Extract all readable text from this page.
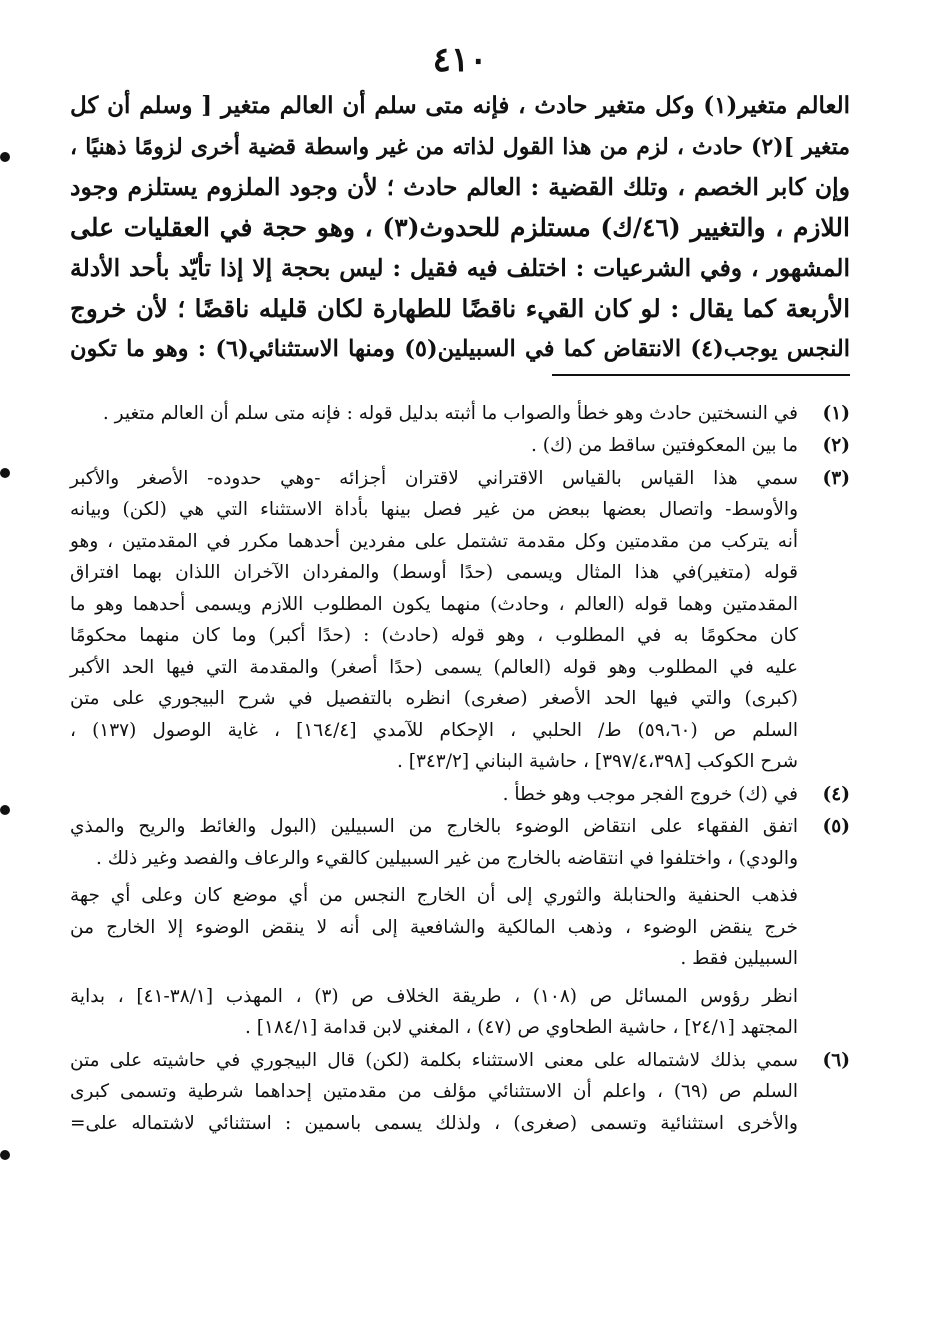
٤١٠
العالم متغير(١) وكل متغير حادث ، فإنه متى سلم أن العالم متغير [ وسلم أن كل
متغير ](٢) حادث ، لزم من هذا القول لذاته من غير واسطة قضية أخرى لزومًا ذهنيًا ،
وإن كابر الخصم ، وتلك القضية : العالم حادث ؛ لأن وجود الملزوم يستلزم وجود
اللازم ، والتغيير (٤٦/ك) مستلزم للحدوث(٣) ، وهو حجة في العقليات على
المشهور ، وفي الشرعيات : اختلف فيه فقيل : ليس بحجة إلا إذا تأيّد بأحد الأدلة
الأربعة كما يقال : لو كان القيء ناقضًا للطهارة لكان قليله ناقضًا ؛ لأن خروج
النجس يوجب(٤) الانتقاض كما في السبيلين(٥) ومنها الاستثنائي(٦) : وهو ما تكون
(١)
في النسختين حادث وهو خطأ والصواب ما أثبته بدليل قوله : فإنه متى سلم أن العالم متغير .
(٢)
ما بين المعكوفتين ساقط من (ك) .
(٣)
سمي هذا القياس بالقياس الاقتراني لاقتران أجزائه -وهي حدوده- الأصغر والأكبر
والأوسط- واتصال بعضها ببعض من غير فصل بينها بأداة الاستثناء التي هي (لكن) وبيانه
أنه يتركب من مقدمتين وكل مقدمة تشتمل على مفردين أحدهما مكرر في المقدمتين ، وهو
قوله (متغير)في هذا المثال ويسمى (حدًا أوسط) والمفردان الآخران اللذان بهما افتراق
المقدمتين وهما قوله (العالم ، وحادث) منهما يكون المطلوب اللازم ويسمى أحدهما وهو ما
كان محكومًا به في المطلوب ، وهو قوله (حادث) : (حدًا أكبر) وما كان منهما محكومًا
عليه في المطلوب وهو قوله (العالم) يسمى (حدًا أصغر) والمقدمة التي فيها الحد الأكبر
(كبرى) والتي فيها الحد الأصغر (صغرى) انظره بالتفصيل في شرح البيجوري على متن
السلم ص (٥٩،٦٠) ط/ الحلبي ، الإحكام للآمدي [١٦٤/٤] ، غاية الوصول (١٣٧) ،
شرح الكوكب [٣٩٧/٤،٣٩٨] ، حاشية البناني [٣٤٣/٢] .
(٤)
في (ك) خروج الفجر موجب وهو خطأ .
(٥)
اتفق الفقهاء على انتقاض الوضوء بالخارج من السبيلين (البول والغائط والريح والمذي
والودي) ، واختلفوا في انتقاضه بالخارج من غير السبيلين كالقيء والرعاف والفصد وغير ذلك .
فذهب الحنفية والحنابلة والثوري إلى أن الخارج النجس من أي موضع كان وعلى أي جهة
خرج ينقض الوضوء ، وذهب المالكية والشافعية إلى أنه لا ينقض الوضوء إلا الخارج من
السبيلين فقط .
انظر رؤوس المسائل ص (١٠٨) ، طريقة الخلاف ص (٣) ، المهذب [٣٨/١-٤١] ، بداية
المجتهد [٢٤/١] ، حاشية الطحاوي ص (٤٧) ، المغني لابن قدامة [١٨٤/١] .
(٦)
سمي بذلك لاشتماله على معنى الاستثناء بكلمة (لكن) قال البيجوري في حاشيته على متن
السلم ص (٦٩) ، واعلم أن الاستثنائي مؤلف من مقدمتين إحداهما شرطية وتسمى كبرى
والأخرى استثنائية وتسمى (صغرى) ، ولذلك يسمى باسمين : استثنائي لاشتماله على=
